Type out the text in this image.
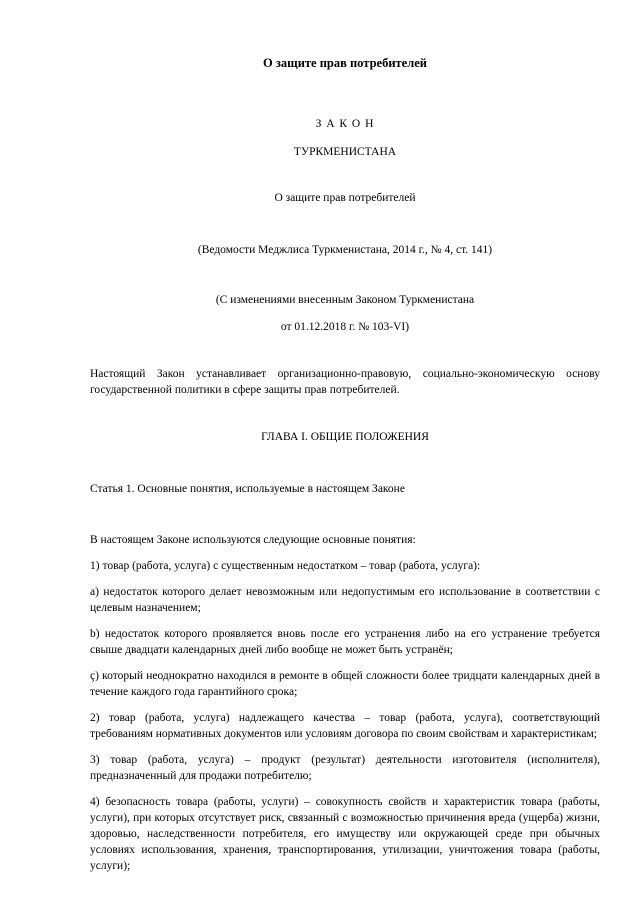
О защите прав потребителей
З А К О Н
ТУРКМЕНИСТАНА
О защите прав потребителей
(Ведомости Меджлиса Туркменистана, 2014 г., № 4, ст. 141)
(С изменениями внесенным Законом Туркменистана
от 01.12.2018 г. № 103-VI)

Настоящий Закон устанавливает организационно-правовую, социально-экономическую основу государственной политики в сфере защиты прав потребителей.

ГЛАВА I. ОБЩИЕ ПОЛОЖЕНИЯ

Статья 1. Основные понятия, используемые в настоящем Законе

В настоящем Законе используются следующие основные понятия:

1) товар (работа, услуга) с существенным недостатком – товар (работа, услуга):

a) недостаток которого делает невозможным или недопустимым его использование в соответствии с целевым назначением;

b) недостаток которого проявляется вновь после его устранения либо на его устранение требуется свыше двадцати календарных дней либо вообще не может быть устранён;

ç) который неоднократно находился в ремонте в общей сложности более тридцати календарных дней в течение каждого года гарантийного срока;

2) товар (работа, услуга) надлежащего качества – товар (работа, услуга), соответствующий требованиям нормативных документов или условиям договора по своим свойствам и характеристикам;

3) товар (работа, услуга) – продукт (результат) деятельности изготовителя (исполнителя), предназначенный для продажи потребителю;

4) безопасность товара (работы, услуги) – совокупность свойств и характеристик товара (работы, услуги), при которых отсутствует риск, связанный с возможностью причинения вреда (ущерба) жизни, здоровью, наследственности потребителя, его имуществу или окружающей среде при обычных условиях использования, хранения, транспортирования, утилизации, уничтожения товара (работы, услуги);
